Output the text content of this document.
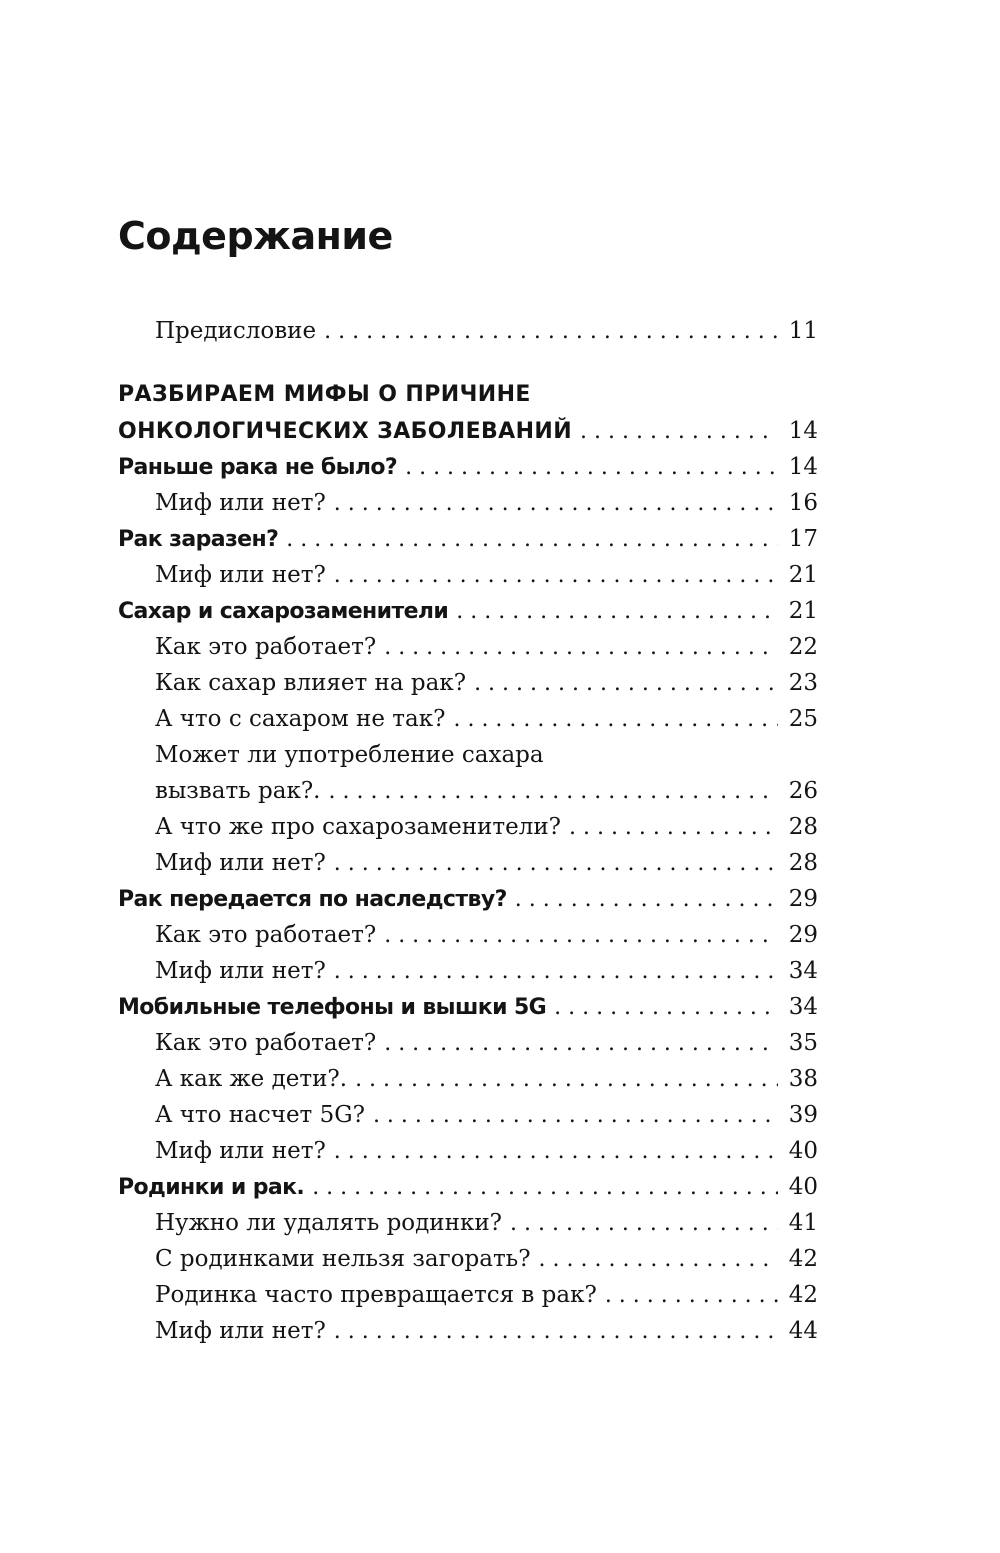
Содержание
Предисловие . . .	11
РАЗБИРАЕМ МИФЫ О ПРИЧИНЕ
ОНКОЛОГИЧЕСКИХ ЗАБОЛЕВАНИЙ . . .	14
Раньше рака не было? . . .	14
Миф или нет? . . .	16
Рак заразен? . . .	17
Миф или нет? . . .	21
Сахар и сахарозаменители . . .	21
Как это работает? . . .	22
Как сахар влияет на рак? . . .	23
А что с сахаром не так? . . .	25
Может ли употребление сахара
вызвать рак?. . . .	26
А что же про сахарозаменители? . . .	28
Миф или нет? . . .	28
Рак передается по наследству? . . .	29
Как это работает? . . .	29
Миф или нет? . . .	34
Мобильные телефоны и вышки 5G . . .	34
Как это работает? . . .	35
А как же дети?. . . .	38
А что насчет 5G? . . .	39
Миф или нет? . . .	40
Родинки и рак. . . .	40
Нужно ли удалять родинки? . . .	41
С родинками нельзя загорать? . . .	42
Родинка часто превращается в рак? . . .	42
Миф или нет? . . .	44
